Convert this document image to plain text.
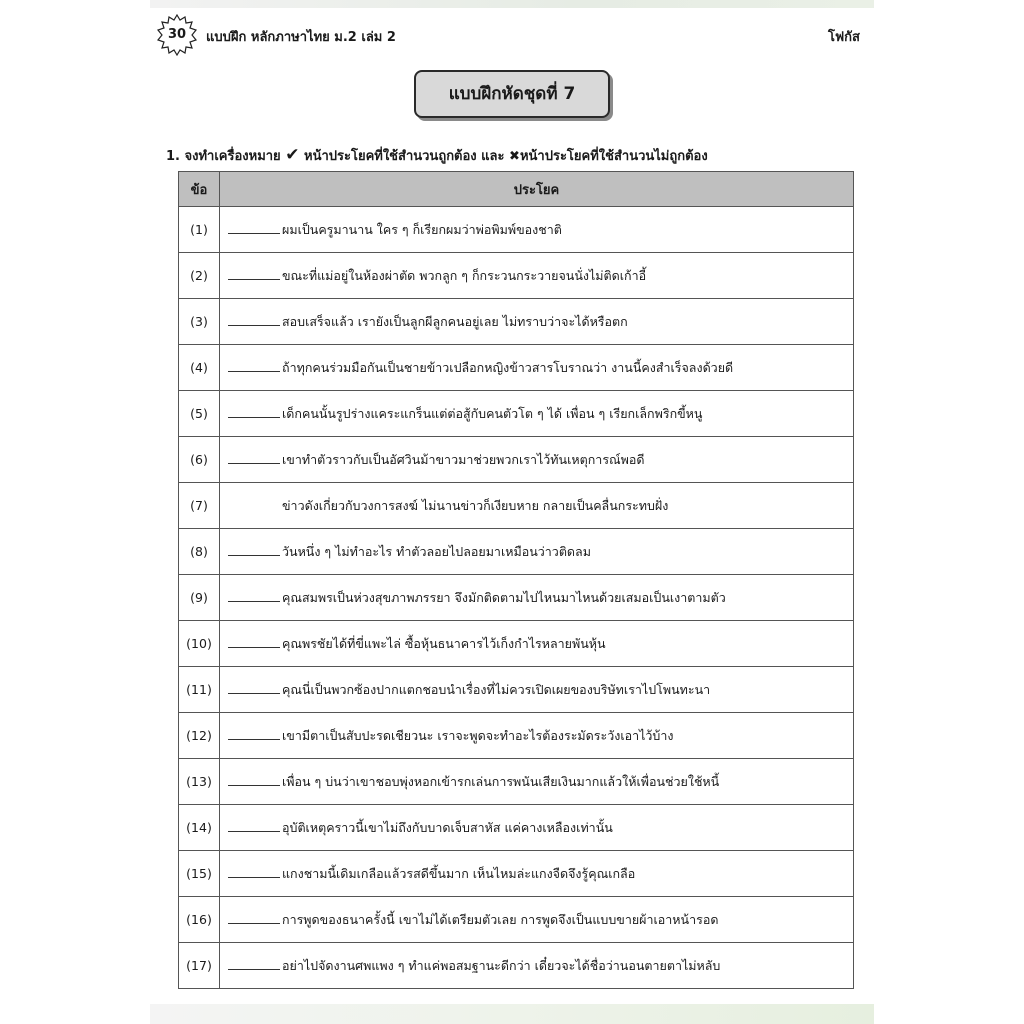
30	แบบฝึก หลักภาษาไทย ม.2 เล่ม 2	โฟกัส
แบบฝึกหัดชุดที่ 7
1. จงทำเครื่องหมาย ✔ หน้าประโยคที่ใช้สำนวนถูกต้อง และ ✖หน้าประโยคที่ใช้สำนวนไม่ถูกต้อง
ข้อ	ประโยค
(1)	ผมเป็นครูมานาน ใคร ๆ ก็เรียกผมว่าพ่อพิมพ์ของชาติ
(2)	ขณะที่แม่อยู่ในห้องผ่าตัด พวกลูก ๆ ก็กระวนกระวายจนนั่งไม่ติดเก้าอี้
(3)	สอบเสร็จแล้ว เรายังเป็นลูกผีลูกคนอยู่เลย ไม่ทราบว่าจะได้หรือตก
(4)	ถ้าทุกคนร่วมมือกันเป็นชายข้าวเปลือกหญิงข้าวสารโบราณว่า งานนี้คงสำเร็จลงด้วยดี
(5)	เด็กคนนั้นรูปร่างแคระแกร็นแต่ต่อสู้กับคนตัวโต ๆ ได้ เพื่อน ๆ เรียกเล็กพริกขี้หนู
(6)	เขาทำตัวราวกับเป็นอัศวินม้าขาวมาช่วยพวกเราไว้ทันเหตุการณ์พอดี
(7)	ข่าวดังเกี่ยวกับวงการสงฆ์ ไม่นานข่าวก็เงียบหาย กลายเป็นคลื่นกระทบฝั่ง
(8)	วันหนึ่ง ๆ ไม่ทำอะไร ทำตัวลอยไปลอยมาเหมือนว่าวติดลม
(9)	คุณสมพรเป็นห่วงสุขภาพภรรยา จึงมักติดตามไปไหนมาไหนด้วยเสมอเป็นเงาตามตัว
(10)	คุณพรชัยได้ที่ขี่แพะไล่ ซื้อหุ้นธนาคารไว้เก็งกำไรหลายพันหุ้น
(11)	คุณนี่เป็นพวกซ้องปากแตกชอบนำเรื่องที่ไม่ควรเปิดเผยของบริษัทเราไปโพนทะนา
(12)	เขามีตาเป็นสับปะรดเชียวนะ เราจะพูดจะทำอะไรต้องระมัดระวังเอาไว้บ้าง
(13)	เพื่อน ๆ บ่นว่าเขาชอบพุ่งหอกเข้ารกเล่นการพนันเสียเงินมากแล้วให้เพื่อนช่วยใช้หนี้
(14)	อุบัติเหตุคราวนี้เขาไม่ถึงกับบาดเจ็บสาหัส แค่คางเหลืองเท่านั้น
(15)	แกงชามนี้เดิมเกลือแล้วรสดีขึ้นมาก เห็นไหมล่ะแกงจืดจึงรู้คุณเกลือ
(16)	การพูดของธนาครั้งนี้ เขาไม่ได้เตรียมตัวเลย การพูดจึงเป็นแบบขายผ้าเอาหน้ารอด
(17)	อย่าไปจัดงานศพแพง ๆ ทำแค่พอสมฐานะดีกว่า เดี๋ยวจะได้ชื่อว่านอนตายตาไม่หลับ
